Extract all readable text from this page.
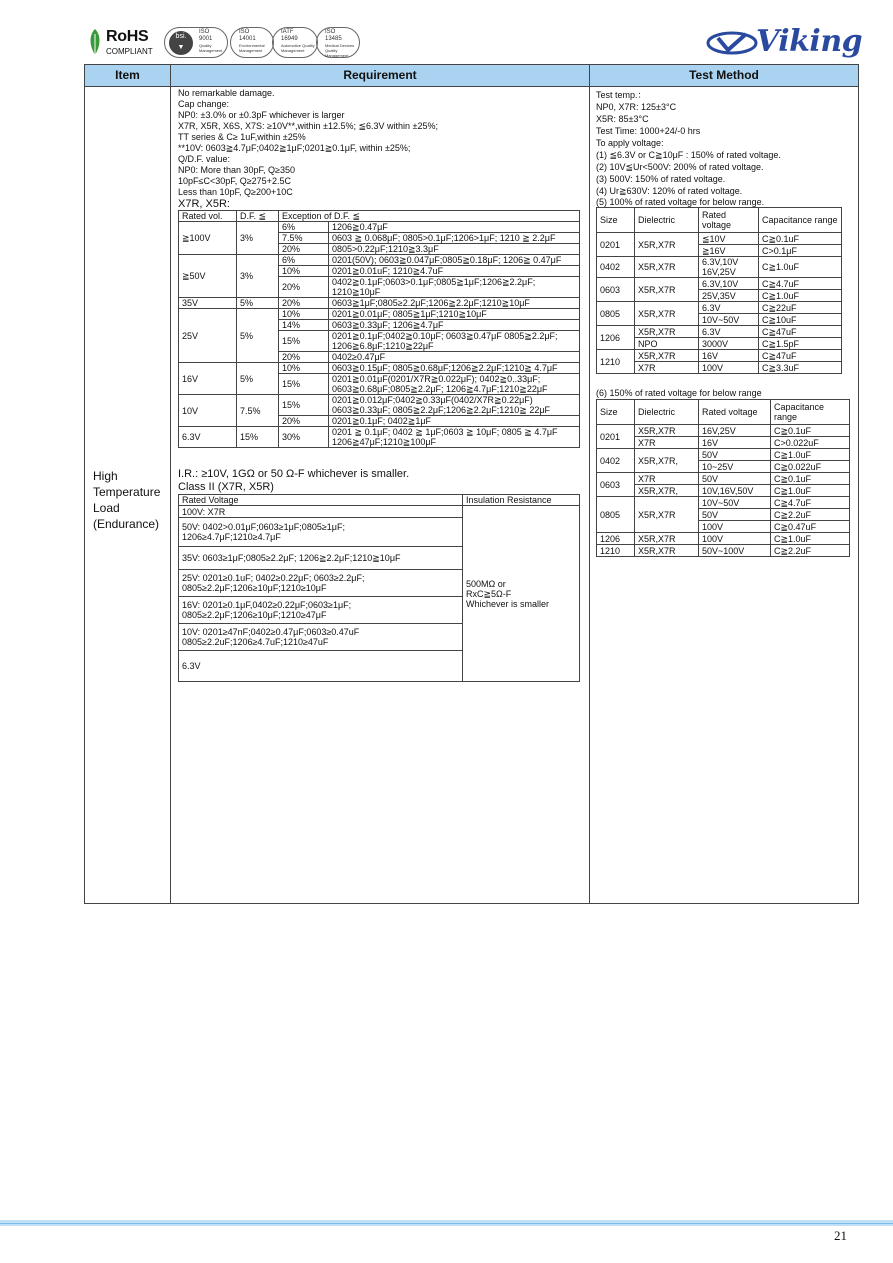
RoHS
COMPLIANT
bsi.
▼
ISO
9001
Quality Management
ISO
14001
Environmental Management
IATF
16949
Automotive Quality Management
ISO
13485
Medical Devices Quality Management	Viking
Item	Requirement	Test Method
High
Temperature
Load
(Endurance)
No remarkable damage.
Cap change:
NP0: ±3.0% or ±0.3pF whichever is larger
X7R, X5R, X6S, X7S: ≥10V**,within ±12.5%; ≦6.3V within ±25%;
TT series & C≥ 1uF,within ±25%
**10V: 0603≧4.7μF;0402≧1μF;0201≧0.1μF, within ±25%;
Q/D.F. value:
NP0: More than 30pF, Q≥350
10pF≤C<30pF, Q≥275+2.5C
Less than 10pF, Q≥200+10C
X7R, X5R:
Rated vol.	D.F. ≦	Exception of D.F. ≦	
≧100V	3%	6%	1206≧0.47μF
		7.5%	0603 ≧ 0.068μF; 0805>0.1μF;1206>1μF; 1210 ≧ 2.2μF
		20%	0805>0.22μF;1210≧3.3μF
≧50V	3%	6%	0201(50V); 0603≧0.047μF;0805≧0.18μF; 1206≧ 0.47μF
		10%	0201≧0.01uF; 1210≧4.7uF
		20%	0402≧0.1μF;0603>0.1μF;0805≧1μF;1206≧2.2μF; 1210≧10μF
35V	5%	20%	0603≧1μF;0805≥2.2μF;1206≧2.2μF;1210≧10μF
25V	5%	10%	0201≧0.01μF; 0805≧1μF;1210≧10μF
		14%	0603≧0.33μF; 1206≧4.7μF
		15%	0201≧0.1μF;0402≧0.10μF; 0603≧0.47μF 0805≧2.2μF; 1206≧6.8μF;1210≧22μF
		20%	0402≥0.47μF
16V	5%	10%	0603≧0.15μF; 0805≧0.68μF;1206≧2.2μF;1210≧ 4.7μF
		15%	0201≧0.01μF(0201/X7R≧0.022μF); 0402≧0..33μF; 0603≧0.68μF;0805≧2.2μF; 1206≧4.7μF;1210≧22μF
10V	7.5%	15%	0201≧0.012μF;0402≧0.33μF(0402/X7R≧0.22μF) 0603≧0.33μF; 0805≧2.2μF;1206≧2.2μF;1210≧ 22μF
		20%	0201≧0.1μF; 0402≧1μF
6.3V	15%	30%	0201 ≧ 0.1μF; 0402 ≧ 1μF;0603 ≧ 10μF; 0805 ≧ 4.7μF 1206≧47μF;1210≧100μF
I.R.: ≥10V, 1GΩ or 50 Ω-F whichever is smaller.
Class II (X7R, X5R)
Rated Voltage	Insulation Resistance
100V: X7R	500MΩ or
RxC≧5Ω-F
Whichever is smaller

50V: 0402>0.01μF;0603≥1μF;0805≥1μF;
1206≥4.7μF;1210≥4.7μF	
35V: 0603≥1μF;0805≥2.2μF; 1206≧2.2μF;1210≧10μF	
25V: 0201≥0.1uF; 0402≥0.22μF; 0603≥2.2μF;
0805≥2.2μF;1206≥10μF;1210≥10μF	
16V: 0201≥0.1μF,0402≥0.22μF;0603≥1μF;
0805≥2.2μF;1206≥10μF;1210≥47μF	
10V: 0201≥47nF;0402≥0.47μF;0603≥0.47uF
0805≥2.2uF;1206≥4.7uF;1210≥47uF	
6.3V	
Test temp.：
NP0, X7R: 125±3°C
X5R: 85±3°C
Test Time: 1000+24/-0 hrs
To apply voltage:
(1) ≦6.3V or C≧10μF : 150% of rated voltage.
(2) 10V≦Ur<500V: 200% of rated voltage.
(3) 500V: 150% of rated voltage.
(4) Ur≧630V: 120% of rated voltage.
(5) 100% of rated voltage for below range.
Size	Dielectric	Rated voltage	Capacitance range
0201	X5R,X7R	≦10V	C≧0.1uF
		≧16V	C>0.1μF
0402	X5R,X7R	6.3V,10V 16V,25V	C≧1.0uF
0603	X5R,X7R	6.3V,10V	C≧4.7uF
		25V,35V	C≧1.0uF
0805	X5R,X7R	6.3V	C≧22uF
		10V~50V	C≧10uF
1206	X5R,X7R	6.3V	C≧47uF
	NPO	3000V	C≧1.5pF
1210	X5R,X7R	16V	C≧47uF
	X7R	100V	C≧3.3uF
(6) 150% of rated voltage for below range
Size	Dielectric	Rated voltage	Capacitance range
0201	X5R,X7R	16V,25V	C≧0.1uF
	X7R	16V	C>0.022uF
0402	X5R,X7R,	50V	C≧1.0uF
		10~25V	C≧0.022uF
0603	X7R	50V	C≧0.1uF
	X5R,X7R,	10V,16V,50V	C≧1.0uF
0805	X5R,X7R	10V~50V	C≧4.7uF
		50V	C≧2.2uF
		100V	C≧0.47uF
1206	X5R,X7R	100V	C≧1.0uF
1210	X5R,X7R	50V~100V	C≧2.2uF
21
